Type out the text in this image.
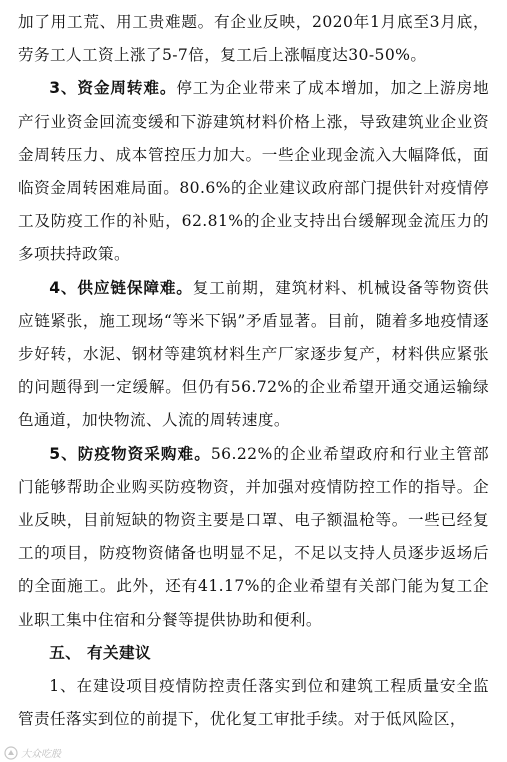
加了用工荒、用工贵难题。有企业反映，2020年1月底至3月底，劳务工人工资上涨了5-7倍，复工后上涨幅度达30-50%。

3、资金周转难。停工为企业带来了成本增加，加之上游房地产行业资金回流变缓和下游建筑材料价格上涨，导致建筑业企业资金周转压力、成本管控压力加大。一些企业现金流入大幅降低，面临资金周转困难局面。80.6%的企业建议政府部门提供针对疫情停工及防疫工作的补贴，62.81%的企业支持出台缓解现金流压力的多项扶持政策。

4、供应链保障难。复工前期，建筑材料、机械设备等物资供应链紧张，施工现场“等米下锅”矛盾显著。目前，随着多地疫情逐步好转，水泥、钢材等建筑材料生产厂家逐步复产，材料供应紧张的问题得到一定缓解。但仍有56.72%的企业希望开通交通运输绿色通道，加快物流、人流的周转速度。

5、防疫物资采购难。56.22%的企业希望政府和行业主管部门能够帮助企业购买防疫物资，并加强对疫情防控工作的指导。企业反映，目前短缺的物资主要是口罩、电子额温枪等。一些已经复工的项目，防疫物资储备也明显不足，不足以支持人员逐步返场后的全面施工。此外，还有41.17%的企业希望有关部门能为复工企业职工集中住宿和分餐等提供协助和便利。

五、 有关建议

1、在建设项目疫情防控责任落实到位和建筑工程质量安全监管责任落实到位的前提下，优化复工审批手续。对于低风险区，

大众吃股
